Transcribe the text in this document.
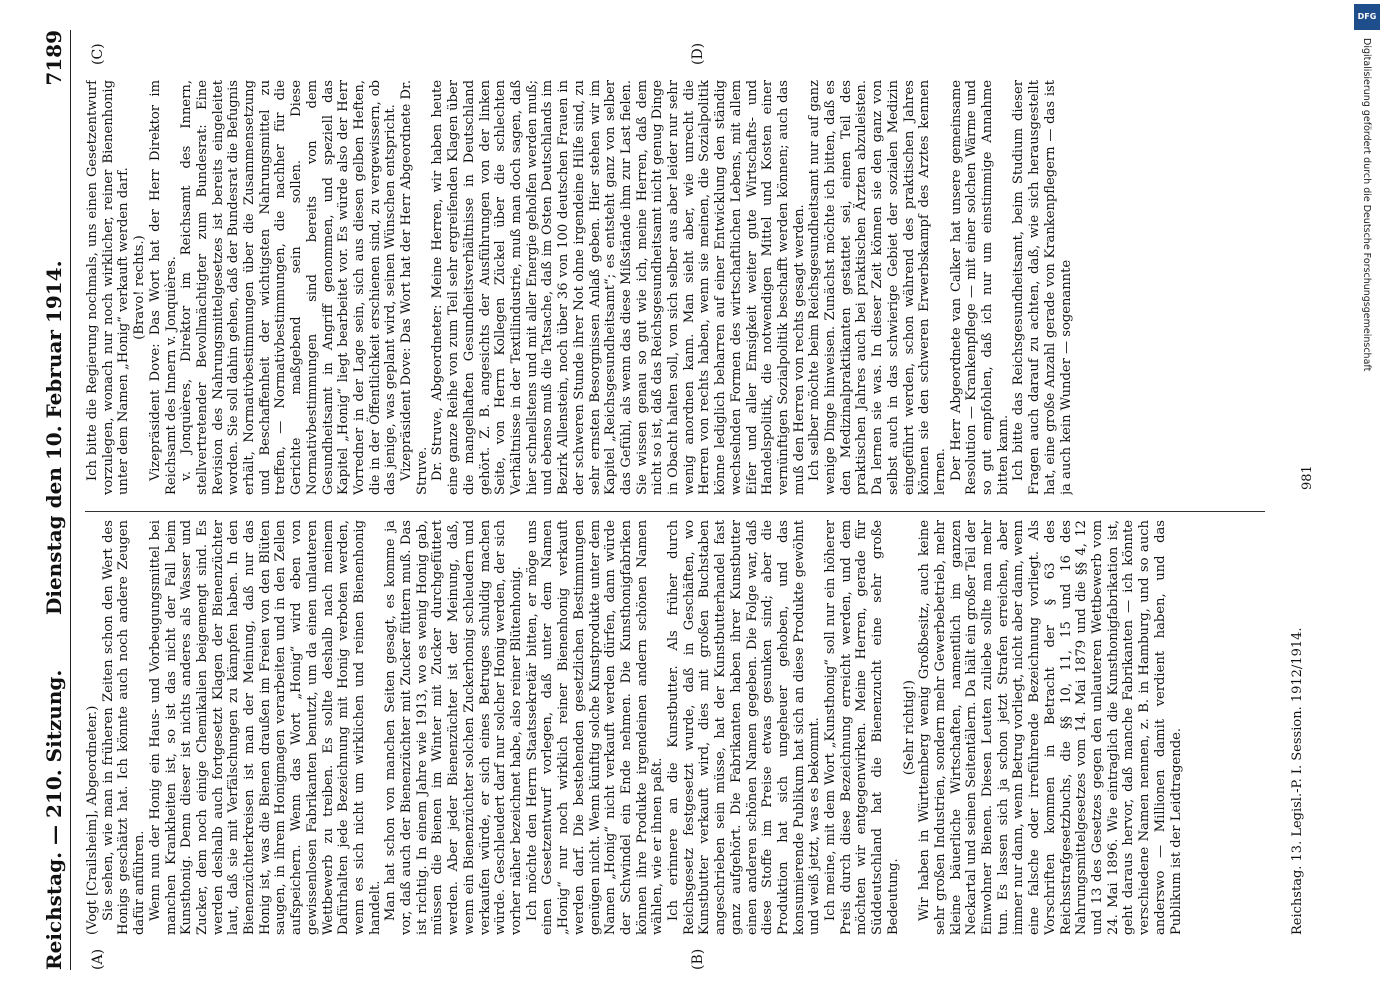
Reichstag. — 210. Sitzung.
Dienstag den 10. Februar 1914.
7189
(A)	(B)
(C)	(D)

(Vogt [Crailsheim], Abgeordneter.) Sie sehen, wie man in früheren Zeiten schon den Wert des Honigs geschätzt hat. Ich könnte auch noch andere Zeugen dafür anführen. Wenn nun der Honig ein Haus- und Vorbeugungsmittel bei manchen Krankheiten ist, so ist das nicht der Fall beim Kunsthonig. Denn dieser ist nichts anderes als Wasser und Zucker, dem noch einige Chemikalien beigemengt sind. Es werden deshalb auch fortgesetzt Klagen der Bienenzüchter laut, daß sie mit Verfälschungen zu kämpfen haben. In den Bienenzüchterkreisen ist man der Meinung, daß nur das Honig ist, was die Bienen draußen im Freien von den Blüten saugen, in ihrem Honigmagen verarbeiten und in den Zellen aufspeichern. Wenn das Wort „Honig“ wird eben von gewissenlosen Fabrikanten benutzt, um da einen unlauteren Wettbewerb zu treiben. Es sollte deshalb nach meinem Dafürhalten jede Bezeichnung mit Honig verboten werden, wenn es sich nicht um wirklichen und reinen Bienenhonig handelt. Man hat schon von manchen Seiten gesagt, es komme ja vor, daß auch der Bienenzüchter mit Zucker füttern muß. Das ist richtig. In einem Jahre wie 1913, wo es wenig Honig gab, müssen die Bienen im Winter mit Zucker durchgefüttert werden. Aber jeder Bienenzüchter ist der Meinung, daß, wenn ein Bienenzüchter solchen Zuckerhonig schleudern und verkaufen würde, er sich eines Betruges schuldig machen würde. Geschleudert darf nur solcher Honig werden, der sich vorher näher bezeichnet habe, also reiner Blütenhonig. Ich möchte den Herrn Staatssekretär bitten, er möge uns einen Gesetzentwurf vorlegen, daß unter dem Namen „Honig“ nur noch wirklich reiner Bienenhonig verkauft werden darf. Die bestehenden gesetzlichen Bestimmungen genügen nicht. Wenn künftig solche Kunstprodukte unter dem Namen „Honig“ nicht verkauft werden dürfen, dann würde der Schwindel ein Ende nehmen. Die Kunsthonigfabriken können ihre Produkte irgendeinen andern schönen Namen wählen, wie er ihnen paßt. Ich erinnere an die Kunstbutter. Als früher durch Reichsgesetz festgesetzt wurde, daß in Geschäften, wo Kunstbutter verkauft wird, dies mit großen Buchstaben angeschrieben sein müsse, hat der Kunstbutterhandel fast ganz aufgehört. Die Fabrikanten haben ihrer Kunstbutter einen anderen schönen Namen gegeben. Die Folge war, daß diese Stoffe im Preise etwas gesunken sind; aber die Produktion hat sich ungeheuer gehoben, und das konsumierende Publikum hat sich an diese Produkte gewöhnt und weiß jetzt, was es bekommt. Ich meine, mit dem Wort „Kunsthonig“ soll nur ein höherer Preis durch diese Bezeichnung erreicht werden, und dem möchten wir entgegenwirken. Meine Herren, gerade für Süddeutschland hat die Bienenzucht eine sehr große Bedeutung.

(Sehr richtig!) Wir haben in Württemberg wenig Großbesitz, auch keine sehr großen Industrien, sondern mehr Gewerbebetrieb, mehr kleine bäuerliche Wirtschaften, namentlich im ganzen Neckartal und seinen Seitentälern. Da hält ein großer Teil der Einwohner Bienen. Diesen Leuten zuliebe sollte man mehr tun. Es lassen sich ja schon jetzt Strafen erreichen, aber immer nur dann, wenn Betrug vorliegt, nicht aber dann, wenn eine falsche oder irreführende Bezeichnung vorliegt. Als Vorschriften kommen in Betracht der § 63 des Reichsstrafgesetzbuchs, die §§ 10, 11, 15 und 16 des Nahrungsmittelgesetzes vom 14. Mai 1879 und die §§ 4, 12 und 13 des Gesetzes gegen den unlauteren Wettbewerb vom 24. Mai 1896. Wie eintraglich die Kunsthonigfabrikation ist, geht daraus hervor, daß manche Fabrikanten — ich könnte verschiedene Namen nennen, z. B. in Hamburg, und so auch anderswo — Millionen damit verdient haben, und das Publikum ist der Leidtragende.

Ich bitte die Regierung nochmals, uns einen Gesetzentwurf vorzulegen, wonach nur noch wirklicher, reiner Bienenhonig unter dem Namen „Honig“ verkauft werden darf. (Bravo! rechts.) Vizepräsident Dove: Das Wort hat der Herr Direktor im Reichsamt des Innern v. Jonquières. v. Jonquières, Direktor im Reichsamt des Innern, stellvertretender Bevollmächtigter zum Bundesrat: Eine Revision des Nahrungsmittelgesetzes ist bereits eingeleitet worden. Sie soll dahin gehen, daß der Bundesrat die Befugnis erhält, Normativbestimmungen über die Zusammensetzung und Beschaffenheit der wichtigsten Nahrungsmittel zu treffen, — Normativbestimmungen, die nachher für die Gerichte maßgebend sein sollen. Diese Normativbestimmungen sind bereits von dem Gesundheitsamt in Angriff genommen, und speziell das Kapitel „Honig“ liegt bearbeitet vor. Es würde also der Herr Vorredner in der Lage sein, sich aus diesen gelben Heften, die in der Öffentlichkeit erschienen sind, zu vergewissern, ob das jenige, was geplant wird, seinen Wünschen entspricht. Vizepräsident Dove: Das Wort hat der Herr Abgeordnete Dr. Struve. Dr. Struve, Abgeordneter: Meine Herren, wir haben heute eine ganze Reihe von zum Teil sehr ergreifenden Klagen über die mangelhaften Gesundheitsverhältnisse in Deutschland gehört. Z. B. angesichts der Ausführungen von der linken Seite, von Herrn Kollegen Zückel über die schlechten Verhältnisse in der Textilindustrie, muß man doch sagen, daß hier schnellstens und mit aller Energie geholfen werden muß; und ebenso muß die Tatsache, daß im Osten Deutschlands im Bezirk Allenstein, noch über 36 von 100 deutschen Frauen in der schweren Stunde ihrer Not ohne irgendeine Hilfe sind, zu sehr ernsten Besorgnissen Anlaß geben. Hier stehen wir im Kapitel „Reichsgesundheitsamt“; es entsteht ganz von selber das Gefühl, als wenn das diese Mißstände ihm zur Last fielen. Sie wissen genau so gut wie ich, meine Herren, daß dem nicht so ist, daß das Reichsgesundheitsamt nicht genug Dinge in Obacht halten soll, von sich selber aus aber leider nur sehr wenig anordnen kann. Man sieht aber, wie unrecht die Herren von rechts haben, wenn sie meinen, die Sozialpolitik könne lediglich beharren auf einer Entwicklung den ständig wechselnden Formen des wirtschaftlichen Lebens, mit allem Eifer und aller Emsigkeit weiter gute Wirtschafts- und Handelspolitik, die notwendigen Mittel und Kosten einer vernünftigen Sozialpolitik beschafft werden können; auch das muß den Herren von rechts gesagt werden. Ich selber möchte beim Reichsgesundheitsamt nur auf ganz wenige Dinge hinweisen. Zunächst möchte ich bitten, daß es den Medizinalpraktikanten gestattet sei, einen Teil des praktischen Jahres auch bei praktischen Ärzten abzuleisten. Da lernen sie was. In dieser Zeit können sie den ganz von selbst auch in das schwierige Gebiet der sozialen Medizin eingeführt werden, schon während des praktischen Jahres können sie den schweren Erwerbskampf des Arztes kennen lernen. Der Herr Abgeordnete van Calker hat unsere gemeinsame Resolution — Krankenpflege — mit einer solchen Wärme und so gut empfohlen, daß ich nur um einstimmige Annahme bitten kann. Ich bitte das Reichsgesundheitsamt, beim Studium dieser Fragen auch darauf zu achten, daß, wie sich herausgestellt hat, eine große Anzahl gerade von Krankenpflegern — das ist ja auch kein Wunder — sogenannte

Reichstag. 13. Legisl.-P. I. Session. 1912/1914.
981
DFG
Digitalisierung gefördert durch die Deutsche Forschungsgemeinschaft
